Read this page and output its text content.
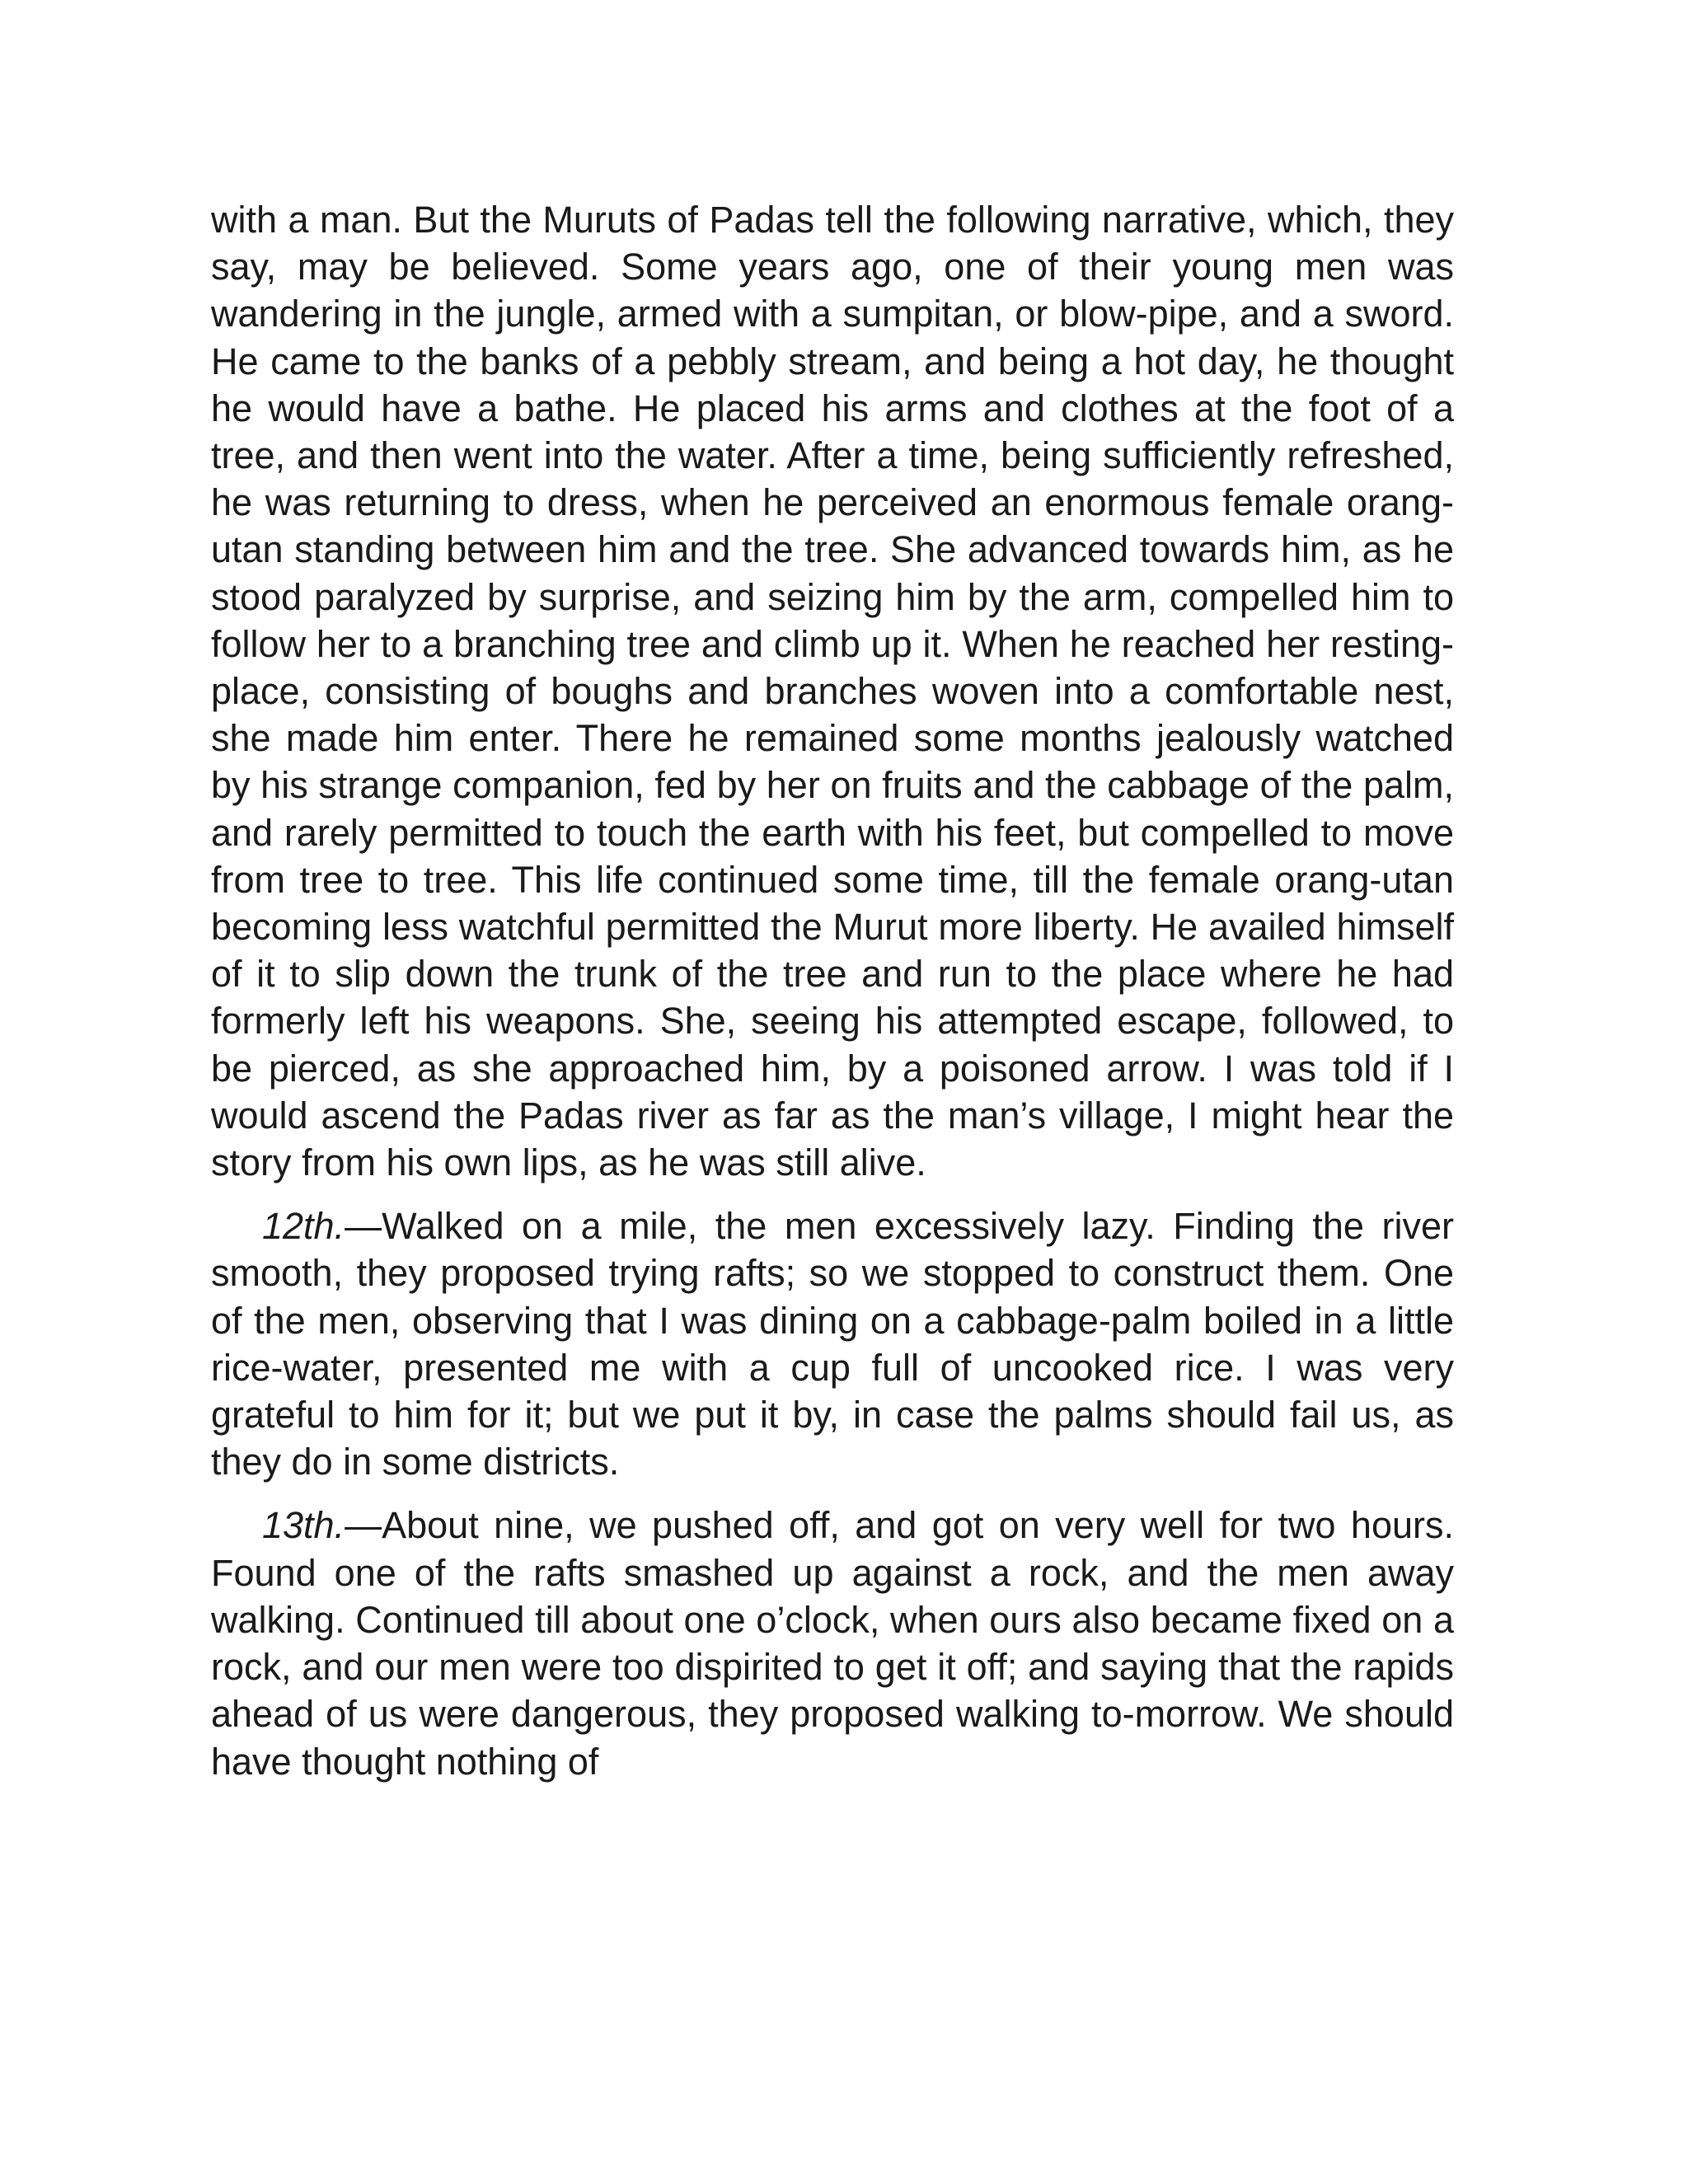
with a man. But the Muruts of Padas tell the following narrative, which, they say, may be believed. Some years ago, one of their young men was wandering in the jungle, armed with a sumpitan, or blow-pipe, and a sword. He came to the banks of a pebbly stream, and being a hot day, he thought he would have a bathe. He placed his arms and clothes at the foot of a tree, and then went into the water. After a time, being sufficiently refreshed, he was returning to dress, when he perceived an enormous female orang-utan standing between him and the tree. She advanced towards him, as he stood paralyzed by surprise, and seizing him by the arm, compelled him to follow her to a branching tree and climb up it. When he reached her resting-place, consisting of boughs and branches woven into a comfortable nest, she made him enter. There he remained some months jealously watched by his strange companion, fed by her on fruits and the cabbage of the palm, and rarely permitted to touch the earth with his feet, but compelled to move from tree to tree. This life continued some time, till the female orang-utan becoming less watchful permitted the Murut more liberty. He availed himself of it to slip down the trunk of the tree and run to the place where he had formerly left his weapons. She, seeing his attempted escape, followed, to be pierced, as she approached him, by a poisoned arrow. I was told if I would ascend the Padas river as far as the man’s village, I might hear the story from his own lips, as he was still alive.

12th.—Walked on a mile, the men excessively lazy. Finding the river smooth, they proposed trying rafts; so we stopped to construct them. One of the men, observing that I was dining on a cabbage-palm boiled in a little rice-water, presented me with a cup full of uncooked rice. I was very grateful to him for it; but we put it by, in case the palms should fail us, as they do in some districts.

13th.—About nine, we pushed off, and got on very well for two hours. Found one of the rafts smashed up against a rock, and the men away walking. Continued till about one o’clock, when ours also became fixed on a rock, and our men were too dispirited to get it off; and saying that the rapids ahead of us were dangerous, they proposed walking to-morrow. We should have thought nothing of
